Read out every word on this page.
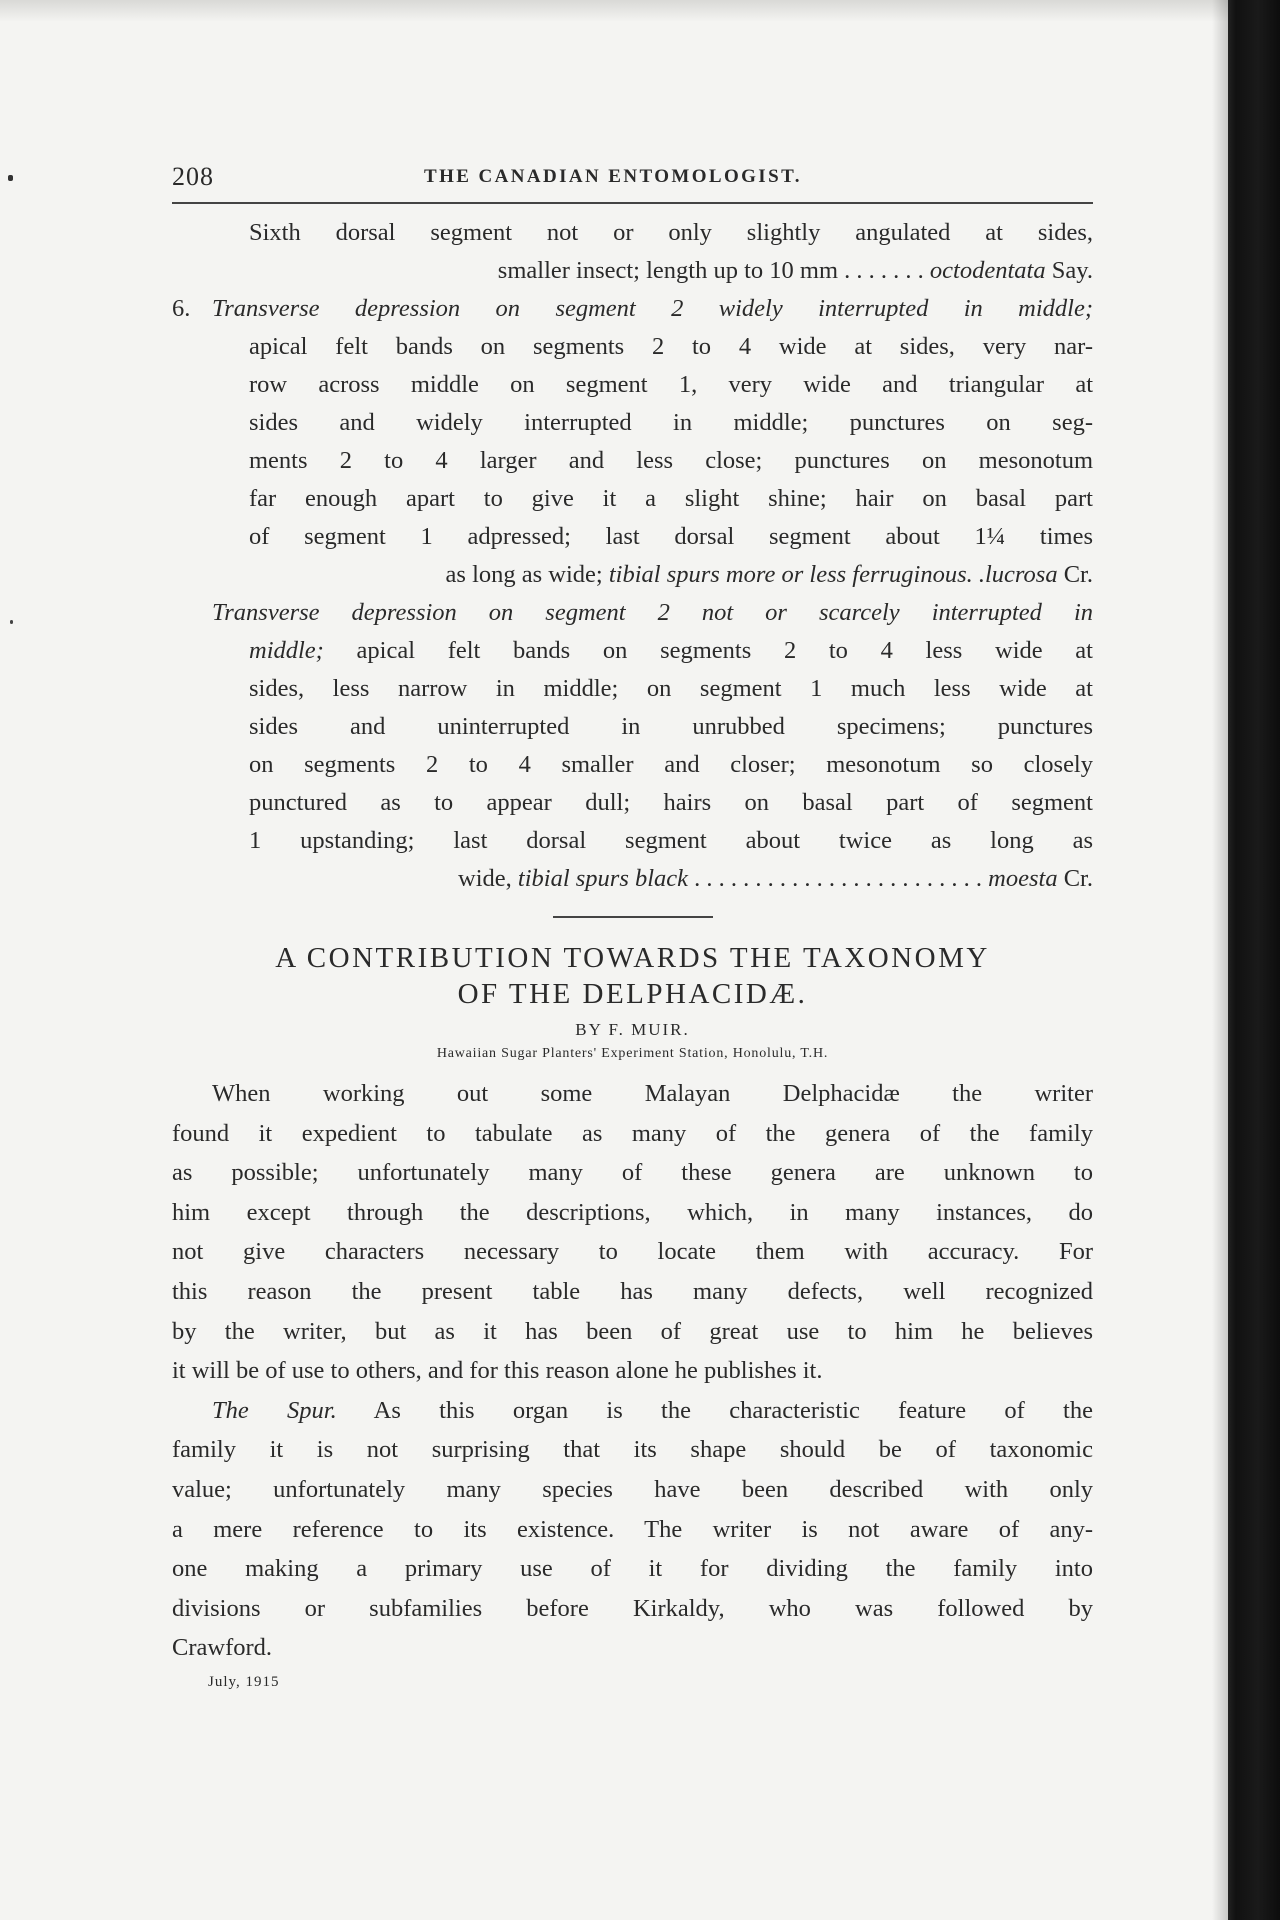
208	THE CANADIAN ENTOMOLOGIST.
Sixth dorsal segment not or only slightly angulated at sides,
smaller insect; length up to 10 mm . . . . . . . octodentata Say.
6. Transverse depression on segment 2 widely interrupted in middle;
apical felt bands on segments 2 to 4 wide at sides, very nar-
row across middle on segment 1, very wide and triangular at
sides and widely interrupted in middle; punctures on seg-
ments 2 to 4 larger and less close; punctures on mesonotum
far enough apart to give it a slight shine; hair on basal part
of segment 1 adpressed; last dorsal segment about 1¼ times
as long as wide; tibial spurs more or less ferruginous. .lucrosa Cr.
Transverse depression on segment 2 not or scarcely interrupted in
middle; apical felt bands on segments 2 to 4 less wide at
sides, less narrow in middle; on segment 1 much less wide at
sides and uninterrupted in unrubbed specimens; punctures
on segments 2 to 4 smaller and closer; mesonotum so closely
punctured as to appear dull; hairs on basal part of segment
1 upstanding; last dorsal segment about twice as long as
wide, tibial spurs black . . . . . . . . . . . . . . . . . . . . . . . . moesta Cr.
A CONTRIBUTION TOWARDS THE TAXONOMY
OF THE DELPHACIDÆ.
BY F. MUIR.
Hawaiian Sugar Planters' Experiment Station, Honolulu, T.H.
When working out some Malayan Delphacidæ the writer
found it expedient to tabulate as many of the genera of the family
as possible; unfortunately many of these genera are unknown to
him except through the descriptions, which, in many instances, do
not give characters necessary to locate them with accuracy. For
this reason the present table has many defects, well recognized
by the writer, but as it has been of great use to him he believes
it will be of use to others, and for this reason alone he publishes it.
The Spur. As this organ is the characteristic feature of the
family it is not surprising that its shape should be of taxonomic
value; unfortunately many species have been described with only
a mere reference to its existence. The writer is not aware of any-
one making a primary use of it for dividing the family into
divisions or subfamilies before Kirkaldy, who was followed by
Crawford.
July, 1915
